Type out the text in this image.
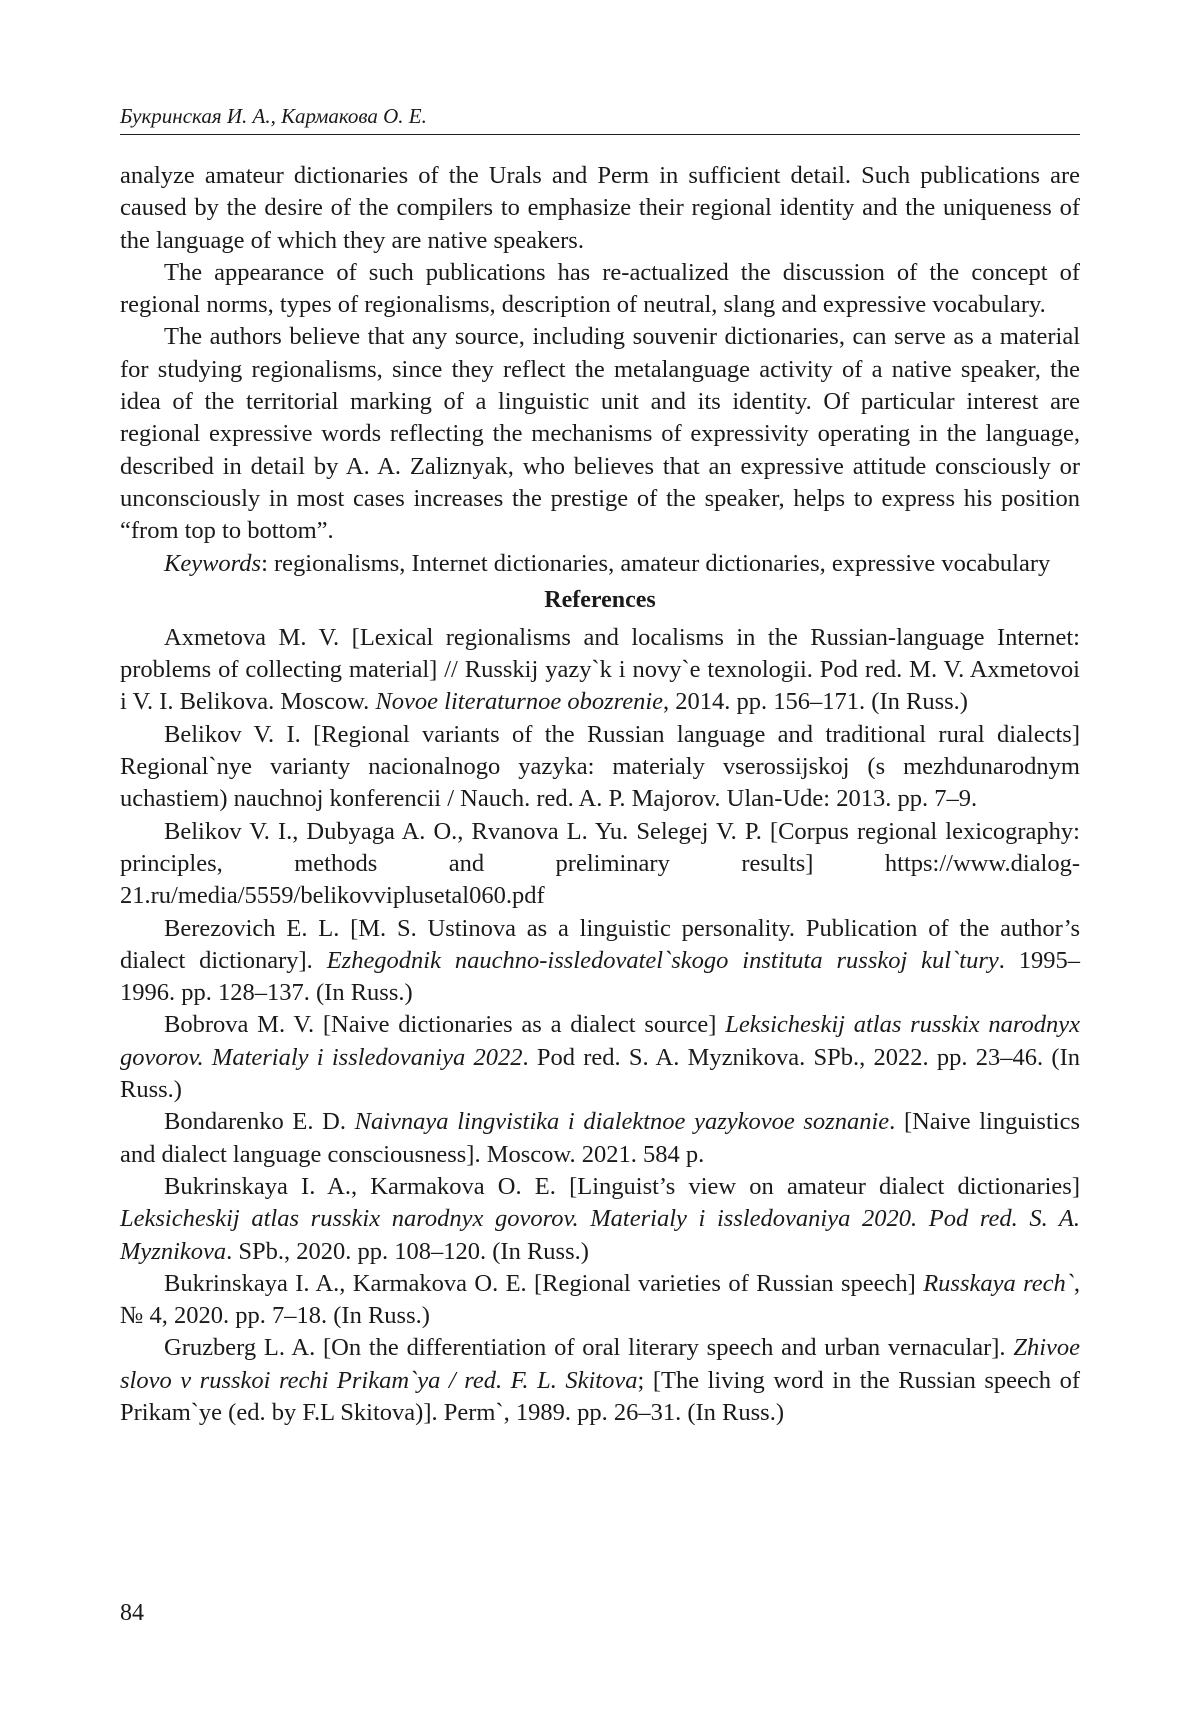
Букринская И. А., Кармакова О. Е.

analyze amateur dictionaries of the Urals and Perm in sufficient detail. Such publications are caused by the desire of the compilers to emphasize their regional identity and the uniqueness of the language of which they are native speakers.

The appearance of such publications has re-actualized the discussion of the concept of regional norms, types of regionalisms, description of neutral, slang and expressive vocabulary.

The authors believe that any source, including souvenir dictionaries, can serve as a material for studying regionalisms, since they reflect the metalanguage activity of a native speaker, the idea of the territorial marking of a linguistic unit and its identity. Of particular interest are regional expressive words reflecting the mechanisms of expressivity operating in the language, described in detail by A. A. Zaliznyak, who believes that an expressive attitude consciously or unconsciously in most cases increases the prestige of the speaker, helps to express his position “from top to bottom”.

Keywords: regionalisms, Internet dictionaries, amateur dictionaries, expressive vocabulary

References

Axmetova M. V. [Lexical regionalisms and localisms in the Russian-language Internet: problems of collecting material] // Russkij yazy`k i novy`e texnologii. Pod red. M. V. Axmetovoi i V. I. Belikova. Moscow. Novoe literaturnoe obozrenie, 2014. pp. 156–171. (In Russ.)

Belikov V. I. [Regional variants of the Russian language and traditional rural dialects] Regional`nye varianty nacionalnogo yazyka: materialy vserossijskoj (s mezhdunarodnym uchastiem) nauchnoj konferencii / Nauch. red. A. P. Majorov. Ulan-Ude: 2013. pp. 7–9.

Belikov V. I., Dubyaga A. O., Rvanova L. Yu. Selegej V. P. [Corpus regional lexicography: principles, methods and preliminary results] https://www.dialog-21.ru/media/5559/belikovviplusetal060.pdf

Berezovich E. L. [M. S. Ustinova as a linguistic personality. Publication of the author’s dialect dictionary]. Ezhegodnik nauchno-issledovatel`skogo instituta russkoj kul`tury. 1995–1996. pp. 128–137. (In Russ.)

Bobrova M. V. [Naive dictionaries as a dialect source] Leksicheskij atlas russkix narodnyx govorov. Materialy i issledovaniya 2022. Pod red. S. A. Myznikova. SPb., 2022. pp. 23–46. (In Russ.)

Bondarenko E. D. Naivnaya lingvistika i dialektnoe yazykovoe soznanie. [Naive linguistics and dialect language consciousness]. Moscow. 2021. 584 p.

Bukrinskaya I. A., Karmakova O. E. [Linguist’s view on amateur dialect dictionaries] Leksicheskij atlas russkix narodnyx govorov. Materialy i issledovaniya 2020. Pod red. S. A. Myznikova. SPb., 2020. pp. 108–120. (In Russ.)

Bukrinskaya I. A., Karmakova O. E. [Regional varieties of Russian speech] Russkaya rech`, № 4, 2020. pp. 7–18. (In Russ.)

Gruzberg L. A. [On the differentiation of oral literary speech and urban vernacular]. Zhivoe slovo v russkoi rechi Prikam`ya / red. F. L. Skitova; [The living word in the Russian speech of Prikam`ye (ed. by F.L Skitova)]. Perm`, 1989. pp. 26–31. (In Russ.)

84
